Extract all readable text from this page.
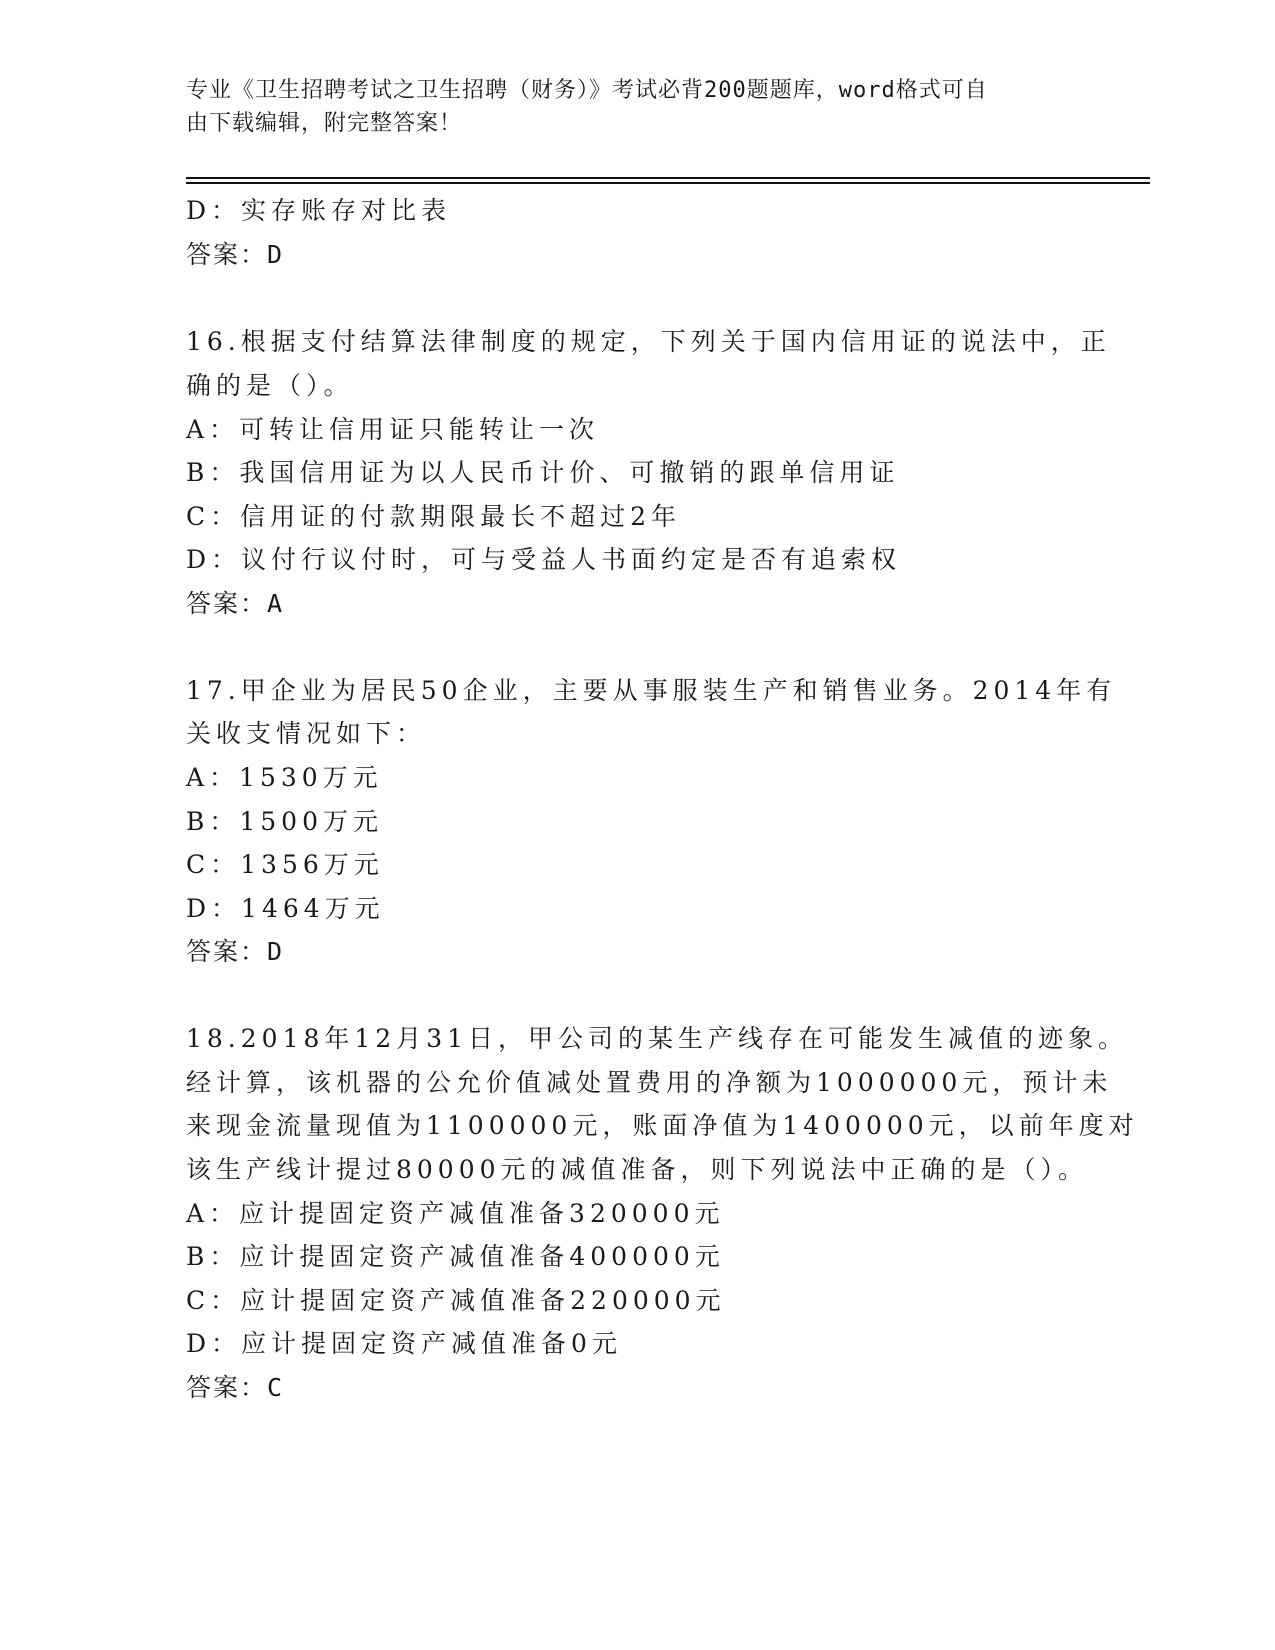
专业《卫生招聘考试之卫生招聘（财务）》考试必背200题题库，word格式可自
由下载编辑，附完整答案！
D：实存账存对比表
答案：D
16.根据支付结算法律制度的规定，下列关于国内信用证的说法中，正
确的是（）。
A：可转让信用证只能转让一次
B：我国信用证为以人民币计价、可撤销的跟单信用证
C：信用证的付款期限最长不超过2年
D：议付行议付时，可与受益人书面约定是否有追索权
答案：A
17.甲企业为居民50企业，主要从事服装生产和销售业务。2014年有
关收支情况如下：
A：1530万元
B：1500万元
C：1356万元
D：1464万元
答案：D
18.2018年12月31日，甲公司的某生产线存在可能发生减值的迹象。
经计算，该机器的公允价值减处置费用的净额为1000000元，预计未
来现金流量现值为1100000元，账面净值为1400000元，以前年度对
该生产线计提过80000元的减值准备，则下列说法中正确的是（）。
A：应计提固定资产减值准备320000元
B：应计提固定资产减值准备400000元
C：应计提固定资产减值准备220000元
D：应计提固定资产减值准备0元
答案：C
